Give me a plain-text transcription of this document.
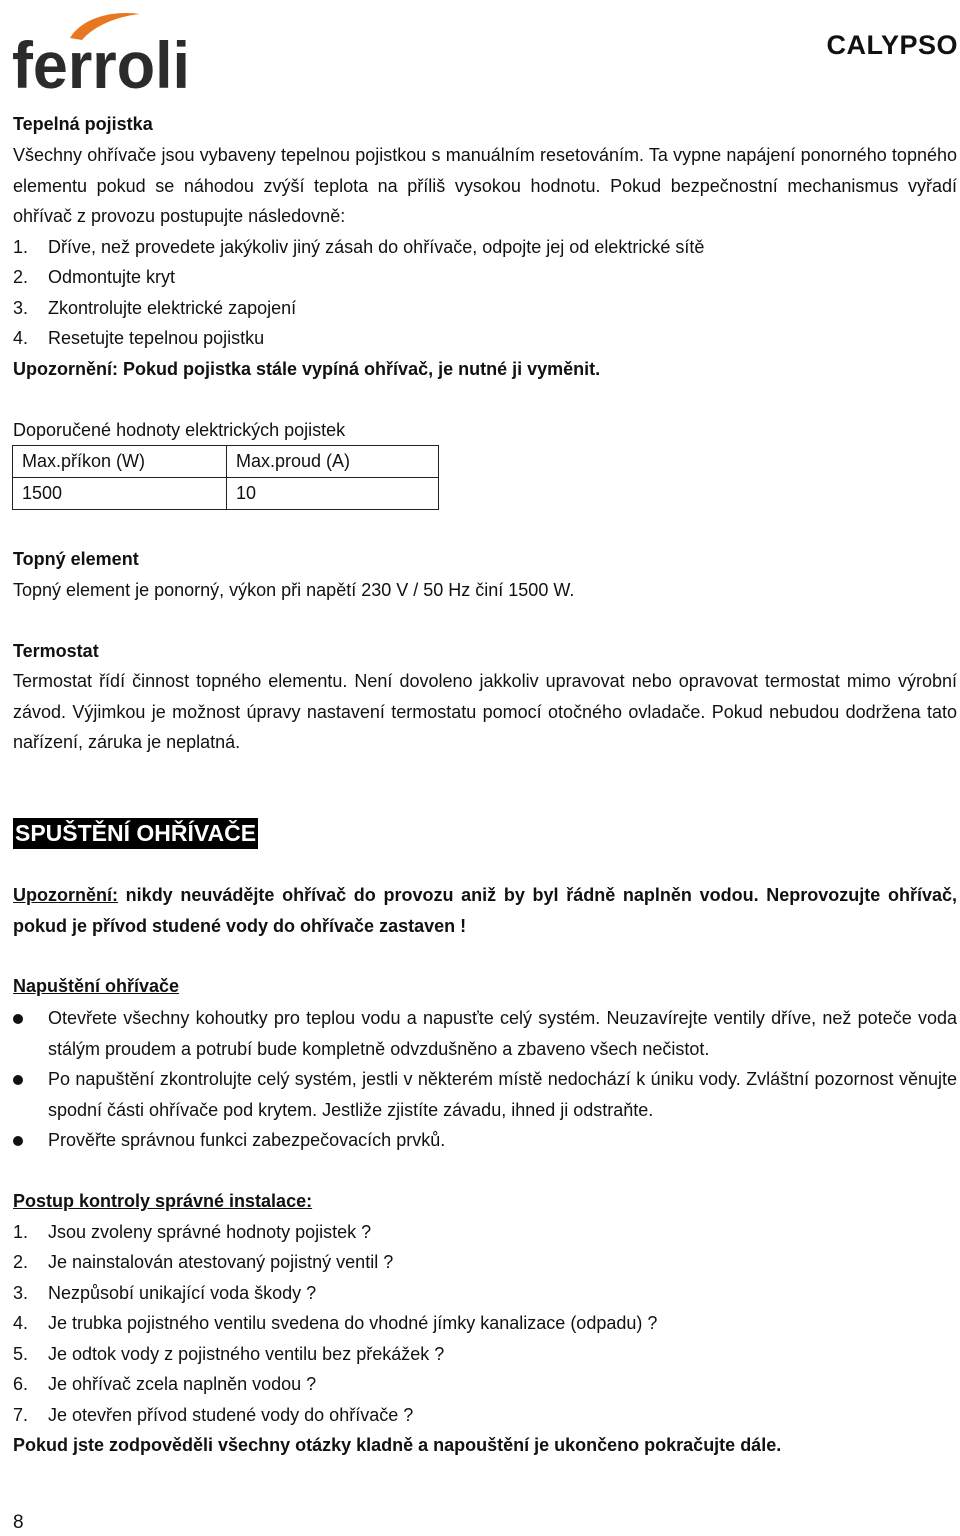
ferroli	CALYPSO
Tepelná pojistka
Všechny ohřívače jsou vybaveny tepelnou pojistkou s manuálním resetováním. Ta vypne napájení ponorného topného elementu pokud se náhodou zvýší teplota na příliš vysokou hodnotu. Pokud bezpečnostní mechanismus vyřadí ohřívač z provozu postupujte následovně:
1. Dříve, než provedete jakýkoliv jiný zásah do ohřívače, odpojte jej od elektrické sítě
2. Odmontujte kryt
3. Zkontrolujte elektrické zapojení
4. Resetujte tepelnou pojistku
Upozornění: Pokud pojistka stále vypíná ohřívač, je nutné ji vyměnit.
Doporučené hodnoty elektrických pojistek
Max.příkon (W)	Max.proud (A)
1500	10
Topný element
Topný element je ponorný, výkon při napětí 230 V / 50 Hz činí 1500 W.
Termostat
Termostat řídí činnost topného elementu. Není dovoleno jakkoliv upravovat nebo opravovat termostat mimo výrobní závod. Výjimkou je možnost úpravy nastavení termostatu pomocí otočného ovladače. Pokud nebudou dodržena tato nařízení, záruka je neplatná.
SPUŠTĚNÍ OHŘÍVAČE
Upozornění: nikdy neuvádějte ohřívač do provozu aniž by byl řádně naplněn vodou. Neprovozujte ohřívač, pokud je přívod studené vody do ohřívače zastaven !
Napuštění ohřívače
Otevřete všechny kohoutky pro teplou vodu a napusťte celý systém. Neuzavírejte ventily dříve, než poteče voda stálým proudem a potrubí bude kompletně odvzdušněno a zbaveno všech nečistot.
Po napuštění zkontrolujte celý systém, jestli v některém místě nedochází k úniku vody. Zvláštní pozornost věnujte spodní části ohřívače pod krytem. Jestliže zjistíte závadu, ihned ji odstraňte.
Prověřte správnou funkci zabezpečovacích prvků.
Postup kontroly správné instalace:
1. Jsou zvoleny správné hodnoty pojistek ?
2. Je nainstalován atestovaný pojistný ventil ?
3. Nezpůsobí unikající voda škody ?
4. Je trubka pojistného ventilu svedena do vhodné jímky kanalizace (odpadu) ?
5. Je odtok vody z pojistného ventilu bez překážek ?
6. Je ohřívač zcela naplněn vodou ?
7. Je otevřen přívod studené vody do ohřívače ?
Pokud jste zodpověděli všechny otázky kladně a napouštění je ukončeno pokračujte dále.
8
